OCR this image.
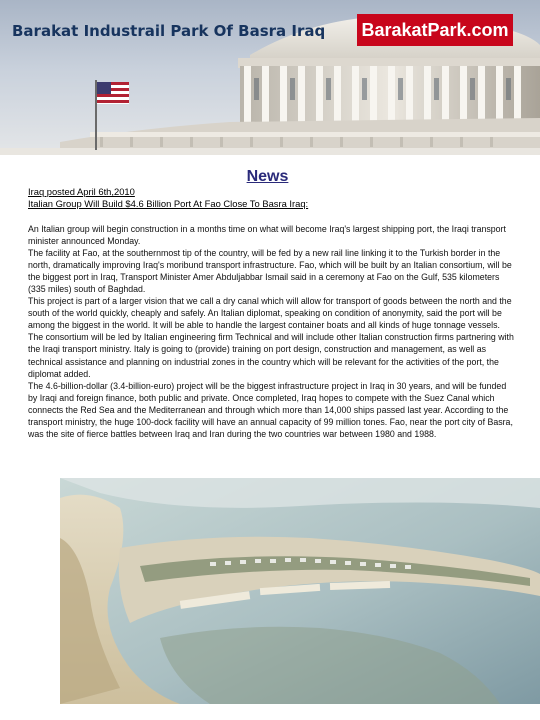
Barakat Industrail Park Of Basra Iraq BarakatPark.com
News
Iraq posted April 6th,2010
Italian Group Will Build $4.6 Billion Port At Fao Close To Basra Iraq:

An Italian group will begin construction in a months time on what will become Iraq's largest shipping port, the Iraqi transport minister announced Monday.

The facility at Fao, at the southernmost tip of the country, will be fed by a new rail line linking it to the Turkish border in the north, dramatically improving Iraq's moribund transport infrastructure. Fao, which will be built by an Italian consortium, will be the biggest port in Iraq, Transport Minister Amer Abduljabbar Ismail said in a ceremony at Fao on the Gulf, 535 kilometers (335 miles) south of Baghdad.

This project is part of a larger vision that we call a dry canal which will allow for transport of goods between the north and the south of the world quickly, cheaply and safely. An Italian diplomat, speaking on condition of anonymity, said the port will be among the biggest in the world. It will be able to handle the largest container boats and all kinds of huge tonnage vessels. The consortium will be led by Italian engineering firm Technical and will include other Italian construction firms partnering with the Iraqi transport ministry. Italy is going to (provide) training on port design, construction and management, as well as technical assistance and planning on industrial zones in the country which will be relevant for the activities of the port, the diplomat added.

The 4.6-billion-dollar (3.4-billion-euro) project will be the biggest infrastructure project in Iraq in 30 years, and will be funded by Iraqi and foreign finance, both public and private. Once completed, Iraq hopes to compete with the Suez Canal which connects the Red Sea and the Mediterranean and through which more than 14,000 ships passed last year. According to the transport ministry, the huge 100-dock facility will have an annual capacity of 99 million tones. Fao, near the port city of Basra, was the site of fierce battles between Iraq and Iran during the two countries war between 1980 and 1988.
